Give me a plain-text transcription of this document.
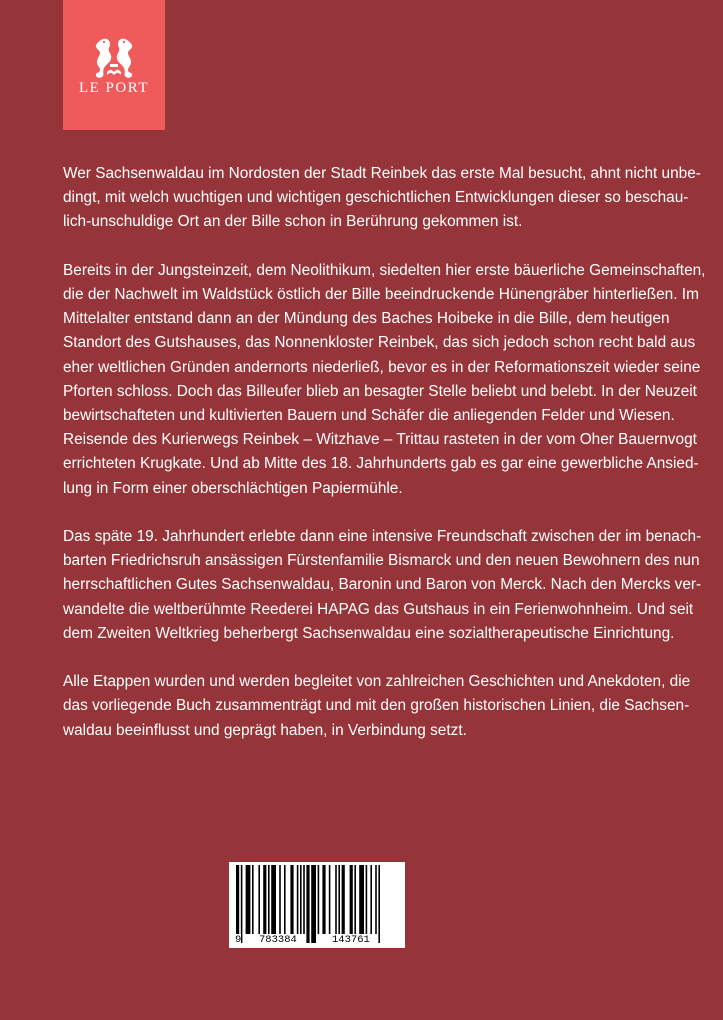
LE PORT
Wer Sachsenwaldau im Nordosten der Stadt Reinbek das erste Mal besucht, ahnt nicht unbe-
dingt, mit welch wuchtigen und wichtigen geschichtlichen Entwicklungen dieser so beschau-
lich-unschuldige Ort an der Bille schon in Berührung gekommen ist.
Bereits in der Jungsteinzeit, dem Neolithikum, siedelten hier erste bäuerliche Gemeinschaften,
die der Nachwelt im Waldstück östlich der Bille beeindruckende Hünengräber hinterließen. Im
Mittelalter entstand dann an der Mündung des Baches Hoibeke in die Bille, dem heutigen
Standort des Gutshauses, das Nonnenkloster Reinbek, das sich jedoch schon recht bald aus
eher weltlichen Gründen andernorts niederließ, bevor es in der Reformationszeit wieder seine
Pforten schloss. Doch das Billeufer blieb an besagter Stelle beliebt und belebt. In der Neuzeit
bewirtschafteten und kultivierten Bauern und Schäfer die anliegenden Felder und Wiesen.
Reisende des Kurierwegs Reinbek – Witzhave – Trittau rasteten in der vom Oher Bauernvogt
errichteten Krugkate. Und ab Mitte des 18. Jahrhunderts gab es gar eine gewerbliche Ansied-
lung in Form einer oberschlächtigen Papiermühle.
Das späte 19. Jahrhundert erlebte dann eine intensive Freundschaft zwischen der im benach-
barten Friedrichsruh ansässigen Fürstenfamilie Bismarck und den neuen Bewohnern des nun
herrschaftlichen Gutes Sachsenwaldau, Baronin und Baron von Merck. Nach den Mercks ver-
wandelte die weltberühmte Reederei HAPAG das Gutshaus in ein Ferienwohnheim. Und seit
dem Zweiten Weltkrieg beherbergt Sachsenwaldau eine sozialtherapeutische Einrichtung.
Alle Etappen wurden und werden begleitet von zahlreichen Geschichten und Anekdoten, die
das vorliegende Buch zusammenträgt und mit den großen historischen Linien, die Sachsen-
waldau beeinflusst und geprägt haben, in Verbindung setzt.
9	783384	143761
